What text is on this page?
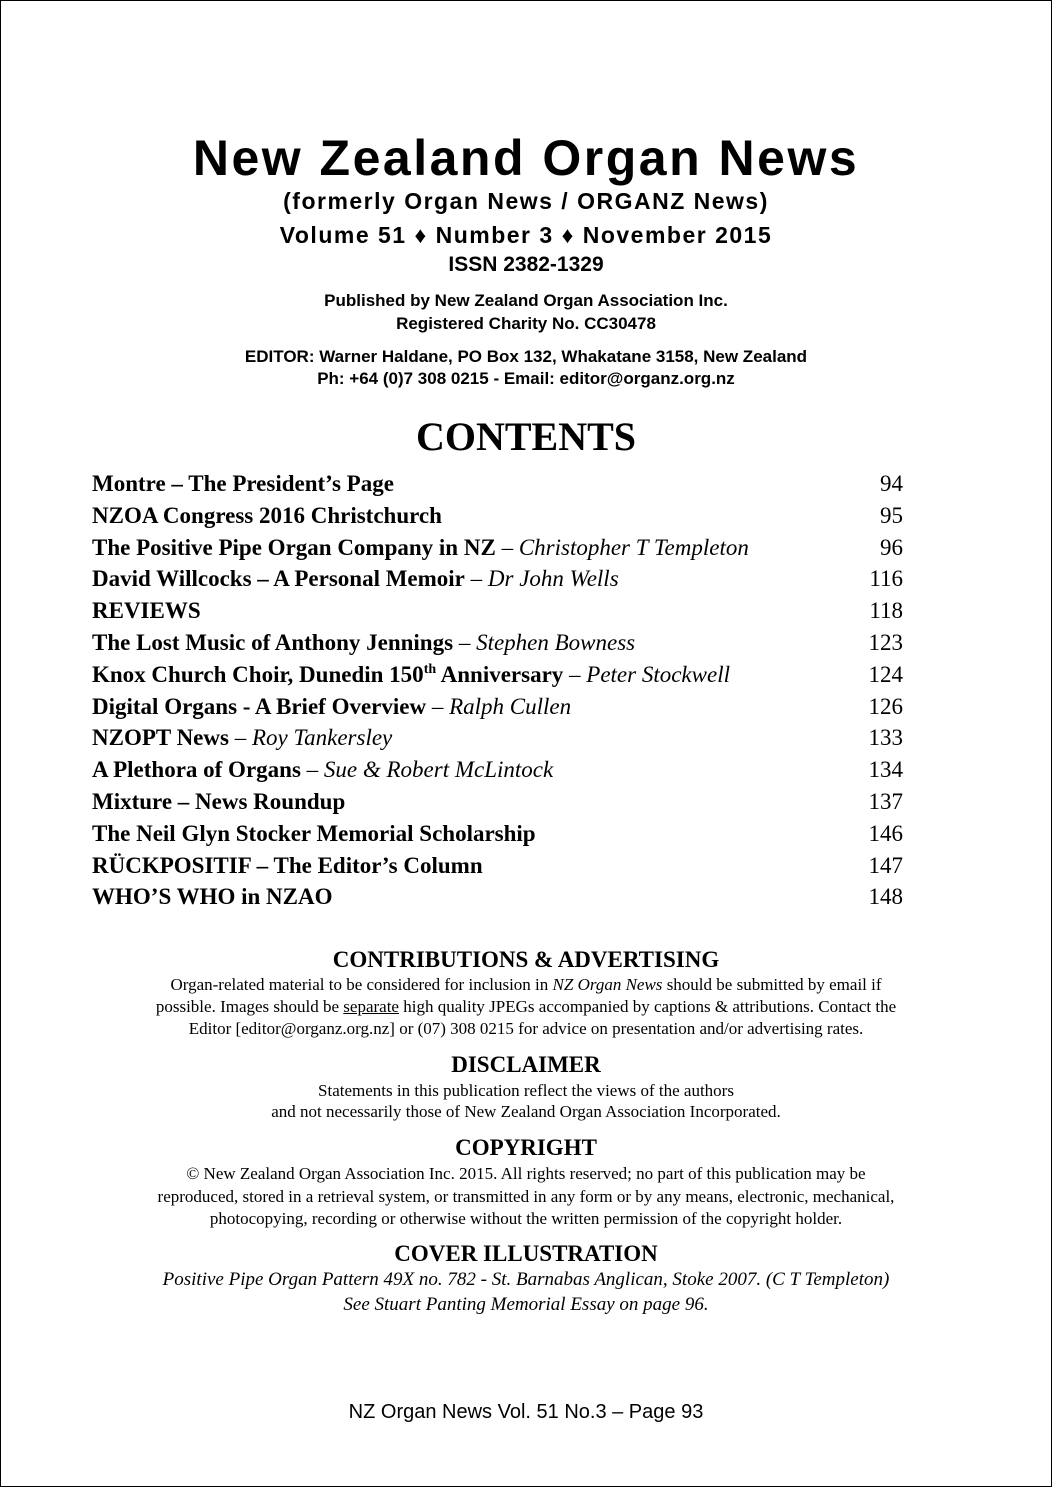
New Zealand Organ News
(formerly Organ News / ORGANZ News)
Volume 51 ♦ Number 3 ♦ November 2015
ISSN 2382-1329
Published by New Zealand Organ Association Inc.
Registered Charity No. CC30478
EDITOR: Warner Haldane, PO Box 132, Whakatane 3158, New Zealand
Ph: +64 (0)7 308 0215 - Email: editor@organz.org.nz
CONTENTS
Montre – The President’s Page	94
NZOA Congress 2016 Christchurch	95
The Positive Pipe Organ Company in NZ – Christopher T Templeton	96
David Willcocks – A Personal Memoir – Dr John Wells	116
REVIEWS	118
The Lost Music of Anthony Jennings – Stephen Bowness	123
Knox Church Choir, Dunedin 150th Anniversary – Peter Stockwell	124
Digital Organs - A Brief Overview – Ralph Cullen	126
NZOPT News – Roy Tankersley	133
A Plethora of Organs – Sue & Robert McLintock	134
Mixture – News Roundup	137
The Neil Glyn Stocker Memorial Scholarship	146
RÜCKPOSITIF – The Editor’s Column	147
WHO’S WHO in NZAO	148
CONTRIBUTIONS & ADVERTISING
Organ-related material to be considered for inclusion in NZ Organ News should be submitted by email if
possible. Images should be separate high quality JPEGs accompanied by captions & attributions. Contact the
Editor [editor@organz.org.nz] or (07) 308 0215 for advice on presentation and/or advertising rates.
DISCLAIMER
Statements in this publication reflect the views of the authors
and not necessarily those of New Zealand Organ Association Incorporated.
COPYRIGHT
© New Zealand Organ Association Inc. 2015. All rights reserved; no part of this publication may be
reproduced, stored in a retrieval system, or transmitted in any form or by any means, electronic, mechanical,
photocopying, recording or otherwise without the written permission of the copyright holder.
COVER ILLUSTRATION
Positive Pipe Organ Pattern 49X no. 782 - St. Barnabas Anglican, Stoke 2007. (C T Templeton)
See Stuart Panting Memorial Essay on page 96.
NZ Organ News Vol. 51 No.3 – Page 93
